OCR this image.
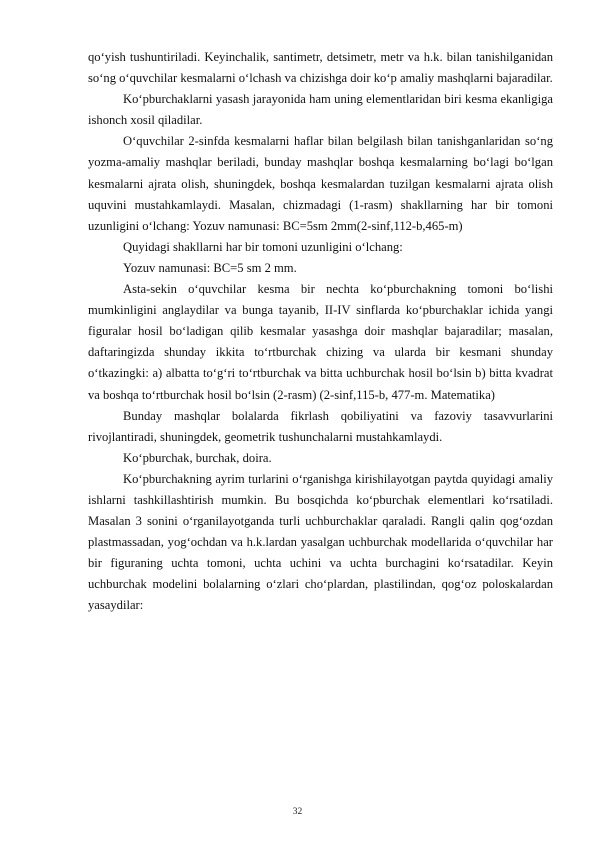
qo‘yish tushuntiriladi. Keyinchalik, santimetr, detsimetr, metr va h.k. bilan tanishilganidan so‘ng o‘quvchilar kesmalarni o‘lchash va chizishga doir ko‘p amaliy mashqlarni bajaradilar.

Ko‘pburchaklarni yasash jarayonida ham uning elementlaridan biri kesma ekanligiga ishonch xosil qiladilar.

O‘quvchilar 2-sinfda kesmalarni haflar bilan belgilash bilan tanishganlaridan so‘ng yozma-amaliy mashqlar beriladi, bunday mashqlar boshqa kesmalarning bo‘lagi bo‘lgan kesmalarni ajrata olish, shuningdek, boshqa kesmalardan tuzilgan kesmalarni ajrata olish uquvini mustahkamlaydi. Masalan, chizmadagi (1-rasm) shakllarning har bir tomoni uzunligini o‘lchang: Yozuv namunasi: BC=5sm 2mm(2-sinf,112-b,465-m)

Quyidagi shakllarni har bir tomoni uzunligini o‘lchang:

Yozuv namunasi: BC=5 sm 2 mm.

Asta-sekin o‘quvchilar kesma bir nechta ko‘pburchakning tomoni bo‘lishi mumkinligini anglaydilar va bunga tayanib, II-IV sinflarda ko‘pburchaklar ichida yangi figuralar hosil bo‘ladigan qilib kesmalar yasashga doir mashqlar bajaradilar; masalan, daftaringizda shunday ikkita to‘rtburchak chizing va ularda bir kesmani shunday o‘tkazingki: a) albatta to‘g‘ri to‘rtburchak va bitta uchburchak hosil bo‘lsin b) bitta kvadrat va boshqa to‘rtburchak hosil bo‘lsin (2-rasm) (2-sinf,115-b, 477-m. Matematika)

Bunday mashqlar bolalarda fikrlash qobiliyatini va fazoviy tasavvurlarini rivojlantiradi, shuningdek, geometrik tushunchalarni mustahkamlaydi.

Ko‘pburchak, burchak, doira.

Ko‘pburchakning ayrim turlarini o‘rganishga kirishilayotgan paytda quyidagi amaliy ishlarni tashkillashtirish mumkin. Bu bosqichda ko‘pburchak elementlari ko‘rsatiladi. Masalan 3 sonini o‘rganilayotganda turli uchburchaklar qaraladi. Rangli qalin qog‘ozdan plastmassadan, yog‘ochdan va h.k.lardan yasalgan uchburchak modellarida o‘quvchilar har bir figuraning uchta tomoni, uchta uchini va uchta burchagini ko‘rsatadilar. Keyin uchburchak modelini bolalarning o‘zlari cho‘plardan, plastilindan, qog‘oz poloskalardan yasaydilar:

32
